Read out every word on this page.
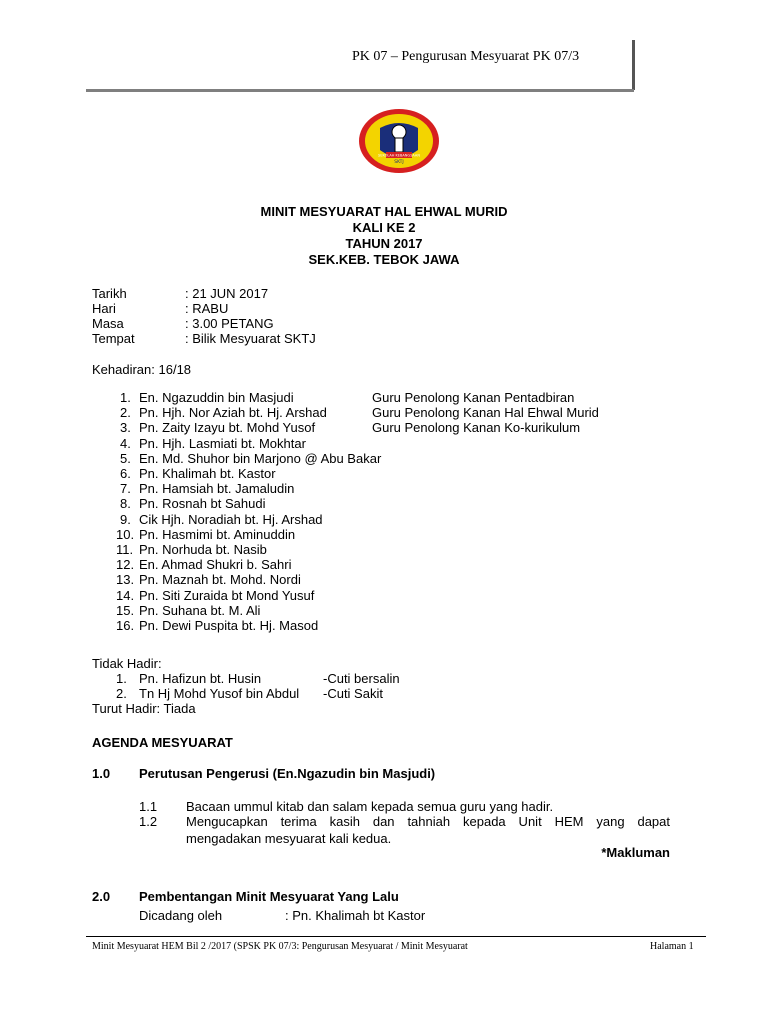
PK 07 – Pengurusan Mesyuarat PK 07/3
SEKOLAH KEBANGSAAN
SKTJ
MINIT MESYUARAT HAL EHWAL MURID
KALI KE 2
TAHUN 2017
SEK.KEB. TEBOK JAWA
Tarikh	: 21 JUN 2017
Hari	: RABU
Masa	: 3.00 PETANG
Tempat	: Bilik Mesyuarat SKTJ
Kehadiran: 16/18
1. En. Ngazuddin bin Masjudi	Guru Penolong Kanan Pentadbiran
2. Pn. Hjh. Nor Aziah bt. Hj. Arshad	Guru Penolong Kanan Hal Ehwal Murid
3. Pn. Zaity Izayu bt. Mohd Yusof	Guru Penolong Kanan Ko-kurikulum
4. Pn. Hjh. Lasmiati bt. Mokhtar
5. En. Md. Shuhor bin Marjono @ Abu Bakar
6. Pn. Khalimah bt. Kastor
7. Pn. Hamsiah bt. Jamaludin
8. Pn. Rosnah bt Sahudi
9. Cik Hjh. Noradiah bt. Hj. Arshad
10. Pn. Hasmimi bt. Aminuddin
11. Pn. Norhuda bt. Nasib
12. En. Ahmad Shukri b. Sahri
13. Pn. Maznah bt. Mohd. Nordi
14. Pn. Siti Zuraida bt Mond Yusuf
15. Pn. Suhana bt. M. Ali
16. Pn. Dewi Puspita bt. Hj. Masod
Tidak Hadir:
1. Pn. Hafizun bt. Husin	-Cuti bersalin
2. Tn Hj Mohd Yusof bin Abdul -Cuti Sakit
Turut Hadir: Tiada
AGENDA MESYUARAT
1.0 Perutusan Pengerusi (En.Ngazudin bin Masjudi)
1.1 Bacaan ummul kitab dan salam kepada semua guru yang hadir.
1.2 Mengucapkan terima kasih dan tahniah kepada Unit HEM yang dapat
mengadakan mesyuarat kali kedua.
*Makluman
2.0 Pembentangan Minit Mesyuarat Yang Lalu
Dicadang oleh	: Pn. Khalimah bt Kastor
Minit Mesyuarat HEM Bil 2 /2017 (SPSK PK 07/3: Pengurusan Mesyuarat / Minit Mesyuarat	Halaman 1
